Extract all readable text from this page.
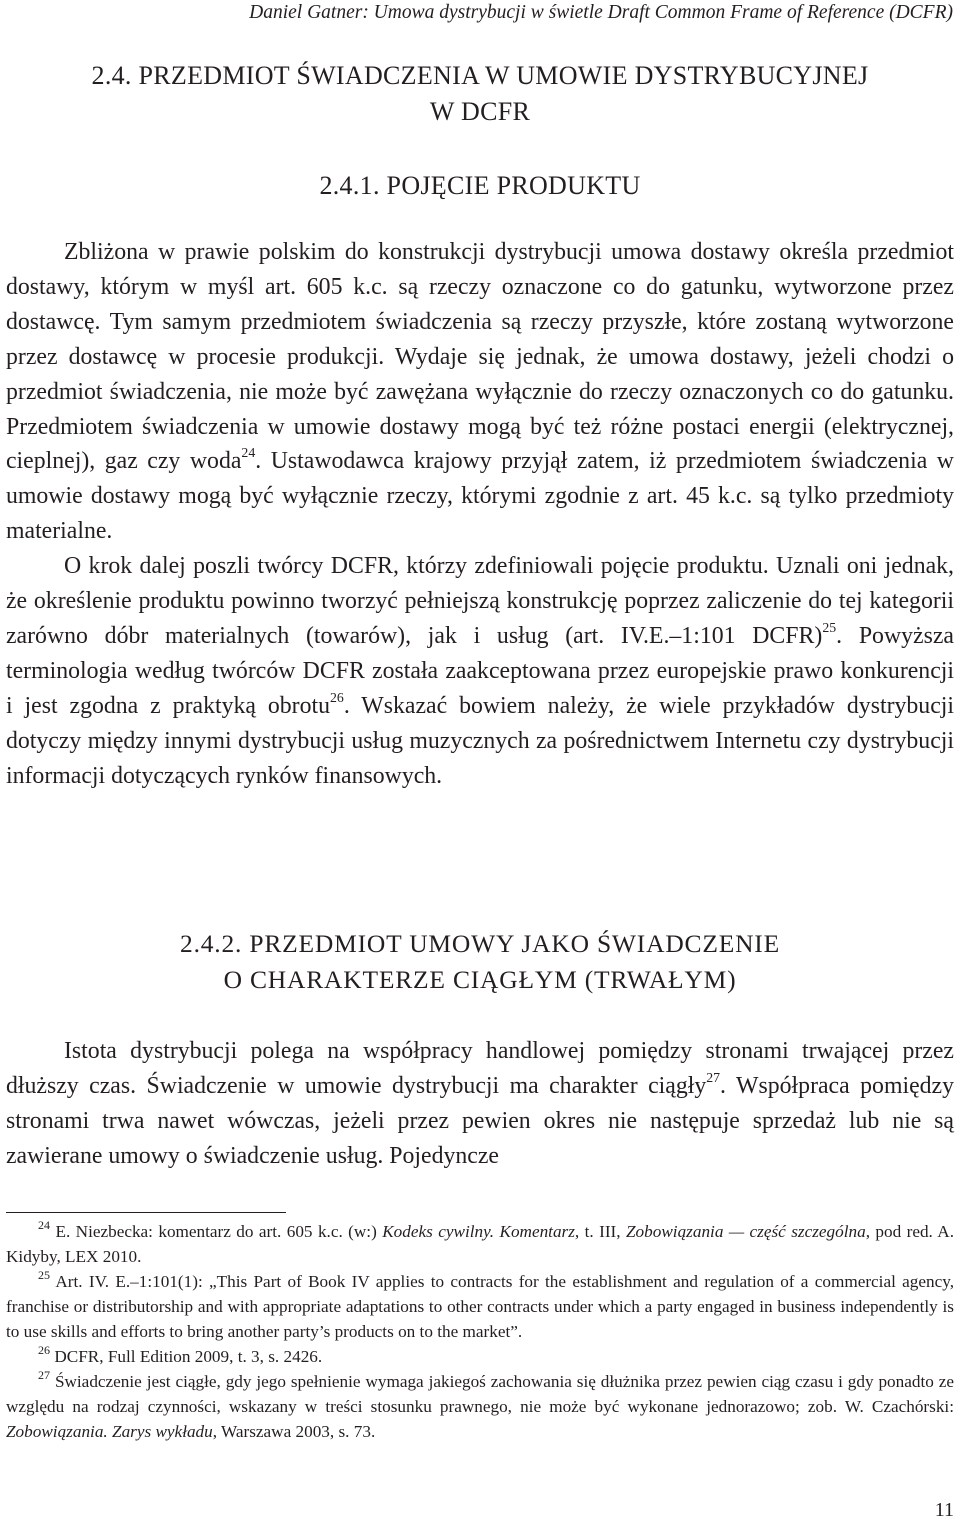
Daniel Gatner: Umowa dystrybucji w świetle Draft Common Frame of Reference (DCFR)
2.4. PRZEDMIOT ŚWIADCZENIA W UMOWIE DYSTRYBUCYJNEJ
W DCFR
2.4.1. POJĘCIE PRODUKTU

Zbliżona w prawie polskim do konstrukcji dystrybucji umowa dostawy określa przedmiot dostawy, którym w myśl art. 605 k.c. są rzeczy oznaczone co do gatunku, wytworzone przez dostawcę. Tym samym przedmiotem świadczenia są rzeczy przyszłe, które zostaną wytworzone przez dostawcę w procesie produkcji. Wydaje się jednak, że umowa dostawy, jeżeli chodzi o przedmiot świadczenia, nie może być zawężana wyłącznie do rzeczy oznaczonych co do gatunku. Przedmiotem świadczenia w umowie dostawy mogą być też różne postaci energii (elektrycznej, cieplnej), gaz czy woda$^{24}$. Ustawodawca krajowy przyjął zatem, iż przedmiotem świadczenia w umowie dostawy mogą być wyłącznie rzeczy, którymi zgodnie z art. 45 k.c. są tylko przedmioty materialne.

O krok dalej poszli twórcy DCFR, którzy zdefiniowali pojęcie produktu. Uznali oni jednak, że określenie produktu powinno tworzyć pełniejszą konstrukcję poprzez zaliczenie do tej kategorii zarówno dóbr materialnych (towarów), jak i usług (art. IV.E.–1:101 DCFR)$^{25}$. Powyższa terminologia według twórców DCFR została zaakceptowana przez europejskie prawo konkurencji i jest zgodna z praktyką obrotu$^{26}$. Wskazać bowiem należy, że wiele przykładów dystrybucji dotyczy między innymi dystrybucji usług muzycznych za pośrednictwem Internetu czy dystrybucji informacji dotyczących rynków finansowych.

2.4.2. PRZEDMIOT UMOWY JAKO ŚWIADCZENIE
O CHARAKTERZE CIĄGŁYM (TRWAŁYM)

Istota dystrybucji polega na współpracy handlowej pomiędzy stronami trwającej przez dłuższy czas. Świadczenie w umowie dystrybucji ma charakter ciągły$^{27}$. Współpraca pomiędzy stronami trwa nawet wówczas, jeżeli przez pewien okres nie następuje sprzedaż lub nie są zawierane umowy o świadczenie usług. Pojedyncze

$^{24}$ E. Niezbecka: komentarz do art. 605 k.c. (w:) Kodeks cywilny. Komentarz, t. III, Zobowiązania — część szczególna, pod red. A. Kidyby, LEX 2010.

$^{25}$ Art. IV. E.–1:101(1): „This Part of Book IV applies to contracts for the establishment and regulation of a commercial agency, franchise or distributorship and with appropriate adaptations to other contracts under which a party engaged in business independently is to use skills and efforts to bring another party’s products on to the market”.

$^{26}$ DCFR, Full Edition 2009, t. 3, s. 2426.

$^{27}$ Świadczenie jest ciągłe, gdy jego spełnienie wymaga jakiegoś zachowania się dłużnika przez pewien ciąg czasu i gdy ponadto ze względu na rodzaj czynności, wskazany w treści stosunku prawnego, nie może być wykonane jednorazowo; zob. W. Czachórski: Zobowiązania. Zarys wykładu, Warszawa 2003, s. 73.

11
